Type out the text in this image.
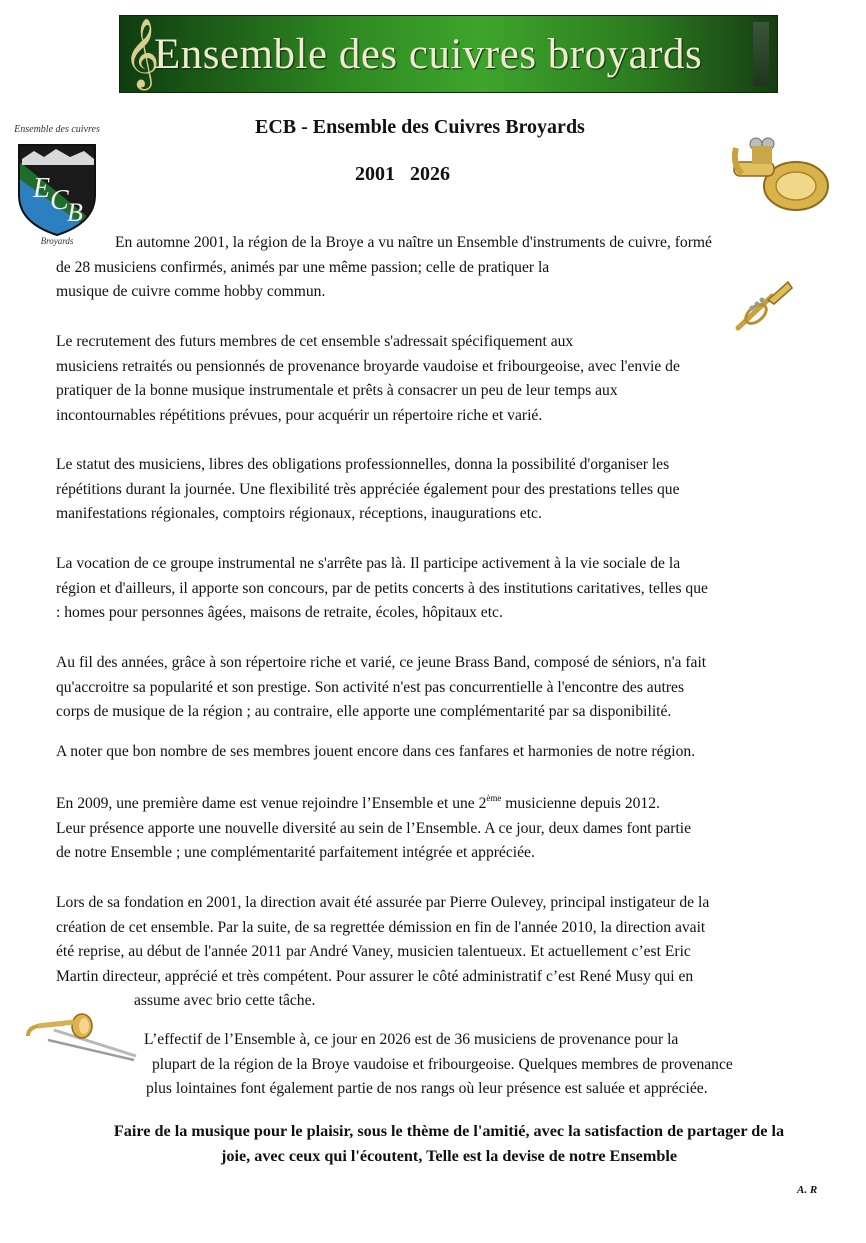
𝄞
Ensemble des cuivres broyards
Ensemble des cuivres
E C
B
Broyards
ECB - Ensemble des Cuivres Broyards
2001   2026
En automne 2001, la région de la Broye a vu naître un Ensemble d'instruments de cuivre, formé
de 28 musiciens confirmés, animés par une même passion; celle de pratiquer la
musique de cuivre comme hobby commun.
Le recrutement des futurs membres de cet ensemble s'adressait spécifiquement aux
musiciens retraités ou pensionnés de provenance broyarde vaudoise et fribourgeoise, avec l'envie de
pratiquer de la bonne musique instrumentale et prêts à consacrer un peu de leur temps aux
incontournables répétitions prévues, pour acquérir un répertoire riche et varié.
Le statut des musiciens, libres des obligations professionnelles, donna la possibilité d'organiser les
répétitions durant la journée. Une flexibilité très appréciée également pour des prestations telles que
manifestations régionales, comptoirs régionaux, réceptions, inaugurations etc.
La vocation de ce groupe instrumental ne s'arrête pas là. Il participe activement à la vie sociale de la
région et d'ailleurs, il apporte son concours, par de petits concerts à des institutions caritatives, telles que
: homes pour personnes âgées, maisons de retraite, écoles, hôpitaux etc.
Au fil des années, grâce à son répertoire riche et varié, ce jeune Brass Band, composé de séniors, n'a fait
qu'accroitre sa popularité et son prestige. Son activité n'est pas concurrentielle à l'encontre des autres
corps de musique de la région ; au contraire, elle apporte une complémentarité par sa disponibilité.
A noter que bon nombre de ses membres jouent encore dans ces fanfares et harmonies de notre région.
En 2009, une première dame est venue rejoindre l’Ensemble et une 2ème musicienne depuis 2012.
Leur présence apporte une nouvelle diversité au sein de l’Ensemble. A ce jour, deux dames font partie
de notre Ensemble ; une complémentarité parfaitement intégrée et appréciée.
Lors de sa fondation en 2001, la direction avait été assurée par Pierre Oulevey, principal instigateur de la
création de cet ensemble. Par la suite, de sa regrettée démission en fin de l'année 2010, la direction avait
été reprise, au début de l'année 2011 par André Vaney, musicien talentueux. Et actuellement c’est Eric
Martin directeur, apprécié et très compétent. Pour assurer le côté administratif c’est René Musy qui en
assume avec brio cette tâche.
L’effectif de l’Ensemble à, ce jour en 2026 est de 36 musiciens de provenance pour la
plupart de la région de la Broye vaudoise et fribourgeoise. Quelques membres de provenance
plus lointaines font également partie de nos rangs où leur présence est saluée et appréciée.
Faire de la musique pour le plaisir, sous le thème de l'amitié, avec la satisfaction de partager de la
joie, avec ceux qui l'écoutent, Telle est la devise de notre Ensemble
A. R
